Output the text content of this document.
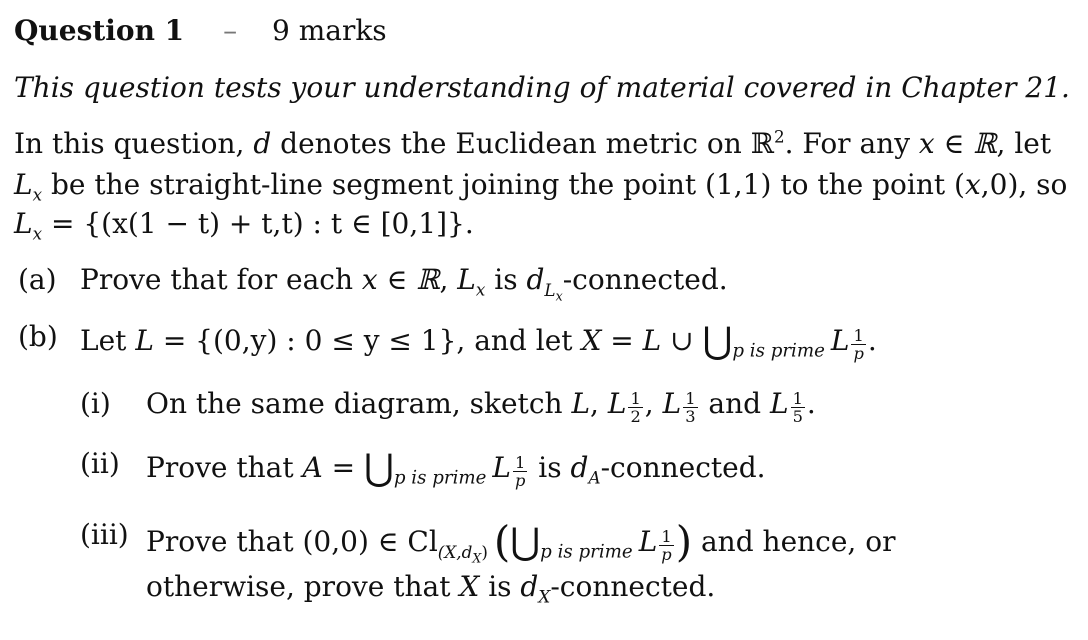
Question 1 – 9 marks
This question tests your understanding of material covered in Chapter 21.
In this question, d denotes the Euclidean metric on ℝ$^2$. For any x ∈ ℝ, let
$L_x$ be the straight-line segment joining the point (1,1) to the point (x,0), so
$L_x = \{(x(1 - t) + t,t)$ : t ∈ [0,1]}.
(a) Prove that for each x ∈ ℝ, $L_x$ is $d_{L_x}$-connected.
(b) Let L = {(0,y) : 0 ≤ y ≤ 1}, and let X = L ∪ $⋃_{p is prime}$ L $\frac{1}{p}$ .
(i) On the same diagram, sketch L, L $\frac{1}{2}$ , L $\frac{1}{3}$ and L $\frac{1}{5}$ .
(ii) Prove that $A = ⋃_{p is prime}$ L $\frac{1}{p}$ is $d_A$-connected.
(iii) Prove that (0,0) ∈ $Cl_{(X,d_X)}$ ($⋃_{p is prime}$ L $\frac{1}{p}$ ) and hence, or
otherwise, prove that X is $d_X$-connected.
